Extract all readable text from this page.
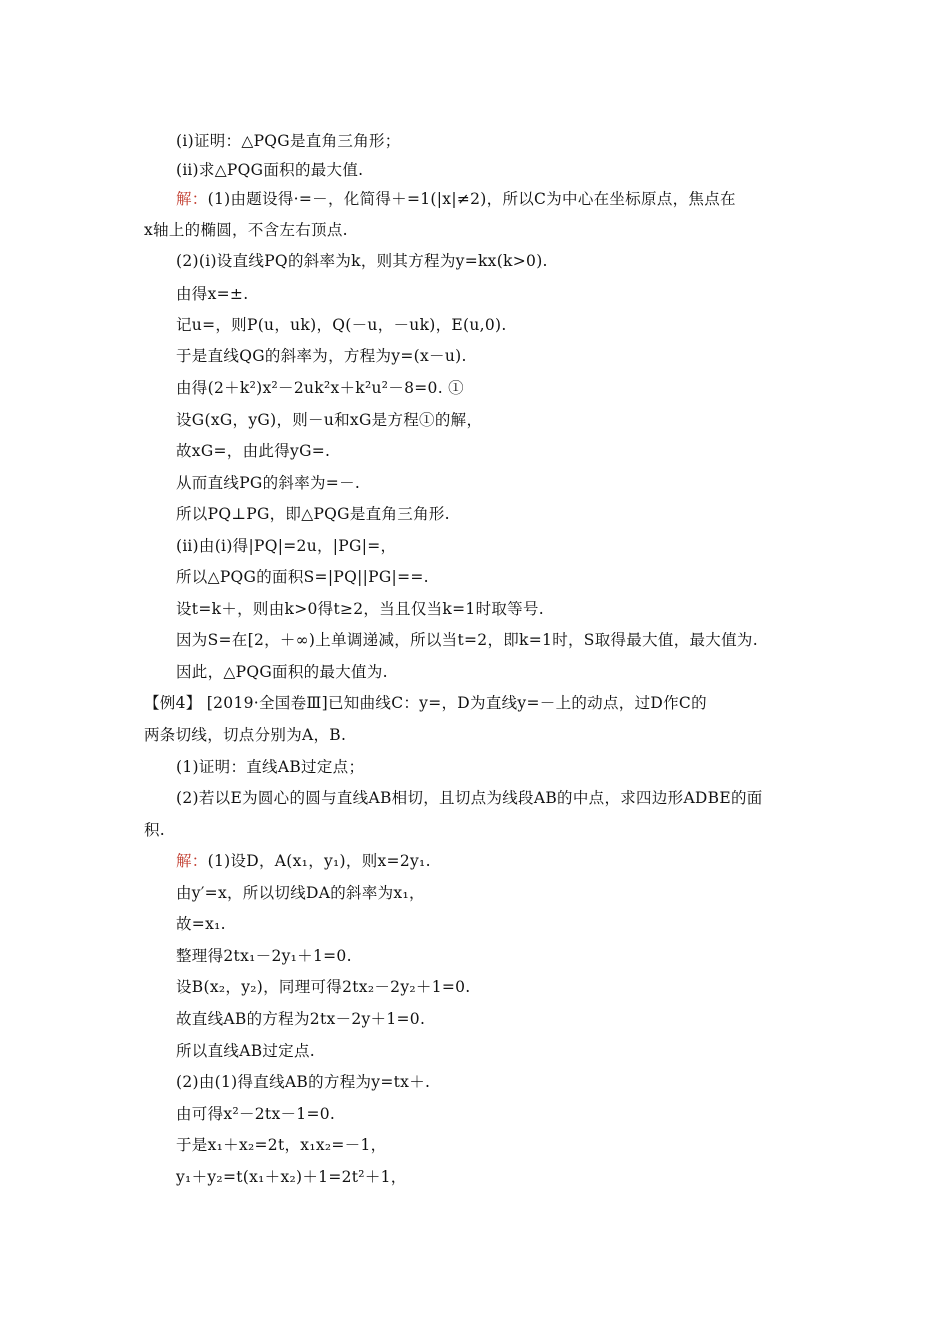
(ⅰ)证明：△PQG是直角三角形；
(ⅱ)求△PQG面积的最大值.
解：(1)由题设得·=－，化简得＋=1(|x|≠2)，所以C为中心在坐标原点，焦点在
x轴上的椭圆，不含左右顶点.
(2)(ⅰ)设直线PQ的斜率为k，则其方程为y=kx(k>0).
由得x=±.
记u=，则P(u，uk)，Q(－u，－uk)，E(u,0).
于是直线QG的斜率为，方程为y=(x－u).
由得(2＋k²)x²－2uk²x＋k²u²－8=0. ①
设G(xG，yG)，则－u和xG是方程①的解，
故xG=，由此得yG=.
从而直线PG的斜率为=－.
所以PQ⊥PG，即△PQG是直角三角形.
(ⅱ)由(ⅰ)得|PQ|=2u，|PG|=，
所以△PQG的面积S=|PQ||PG|==.
设t=k＋，则由k>0得t≥2，当且仅当k=1时取等号.
因为S=在[2，＋∞)上单调递减，所以当t=2，即k=1时，S取得最大值，最大值为.
因此，△PQG面积的最大值为.
【例4】 [2019·全国卷Ⅲ]已知曲线C：y=，D为直线y=－上的动点，过D作C的
两条切线，切点分别为A，B.
(1)证明：直线AB过定点；
(2)若以E为圆心的圆与直线AB相切，且切点为线段AB的中点，求四边形ADBE的面
积.
解：(1)设D，A(x₁，y₁)，则x=2y₁.
由y′=x，所以切线DA的斜率为x₁，
故=x₁.
整理得2tx₁－2y₁＋1=0.
设B(x₂，y₂)，同理可得2tx₂－2y₂＋1=0.
故直线AB的方程为2tx－2y＋1=0.
所以直线AB过定点.
(2)由(1)得直线AB的方程为y=tx＋.
由可得x²－2tx－1=0.
于是x₁＋x₂=2t，x₁x₂=－1，
y₁＋y₂=t(x₁＋x₂)＋1=2t²＋1，
